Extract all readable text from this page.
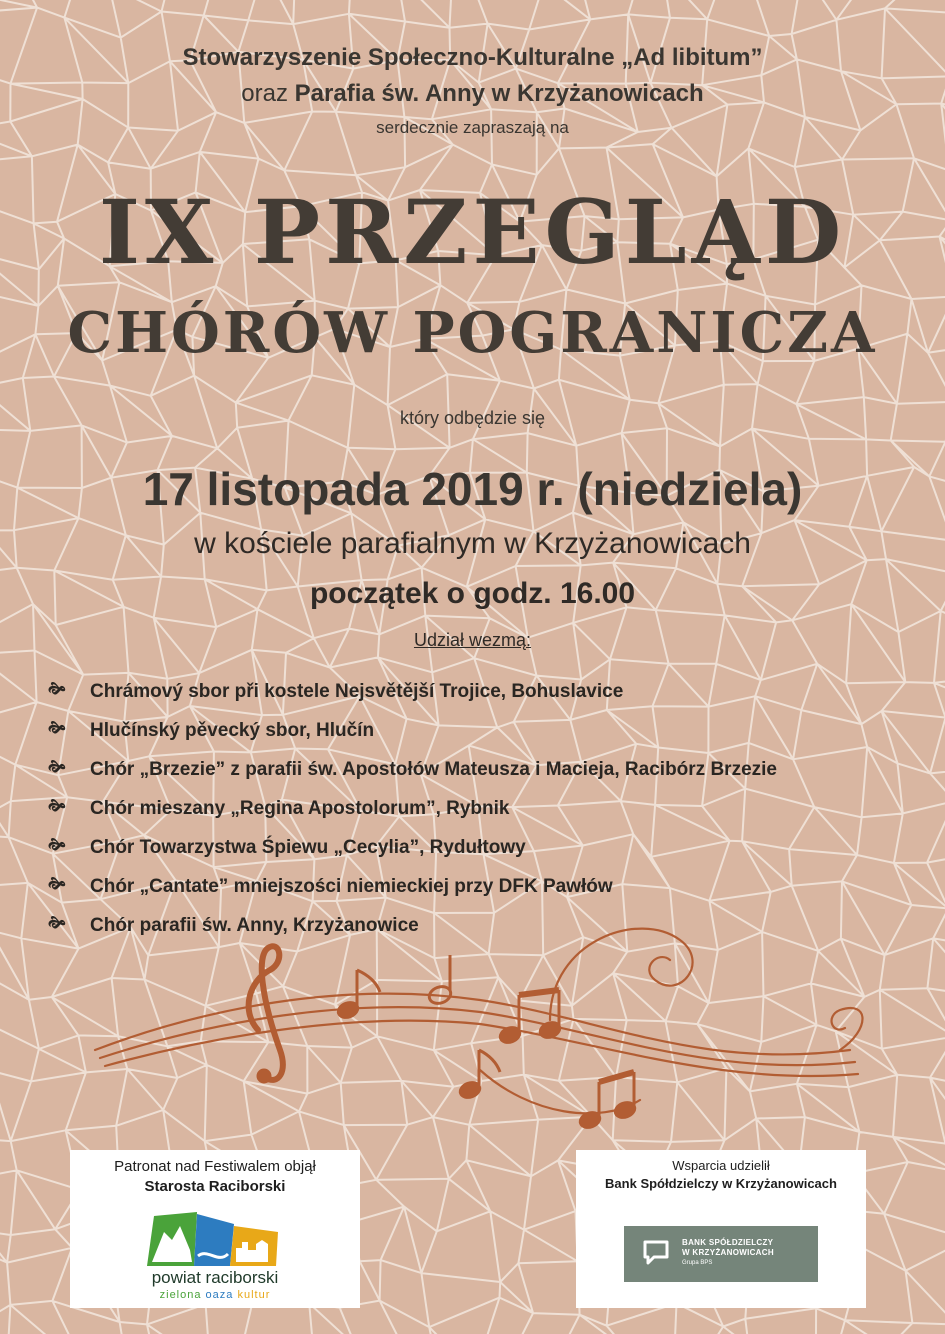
Stowarzyszenie Społeczno-Kulturalne „Ad libitum”
oraz Parafia św. Anny w Krzyżanowicach
serdecznie zapraszają na
IX PRZEGLĄD
CHÓRÓW POGRANICZA
który odbędzie się
17 listopada 2019 r. (niedziela)
w kościele parafialnym w Krzyżanowicach
początek o godz. 16.00
Udział wezmą:
🙞	Chrámový sbor při kostele Nejsvětější Trojice, Bohuslavice
🙞	Hlučínský pěvecký sbor, Hlučín
🙞	Chór „Brzezie” z parafii św. Apostołów Mateusza i Macieja, Racibórz Brzezie
🙞	Chór mieszany „Regina Apostolorum”, Rybnik
🙞	Chór Towarzystwa Śpiewu „Cecylia”, Rydułtowy
🙞	Chór „Cantate” mniejszości niemieckiej przy DFK Pawłów
🙞	Chór parafii św. Anny, Krzyżanowice
Patronat nad Festiwalem objął
Starosta Raciborski
powiat raciborski
zielona oaza kultur
Wsparcia udzielił
Bank Spółdzielczy w Krzyżanowicach
BANK SPÓŁDZIELCZY
W KRZYŻANOWICACH
Grupa BPS
